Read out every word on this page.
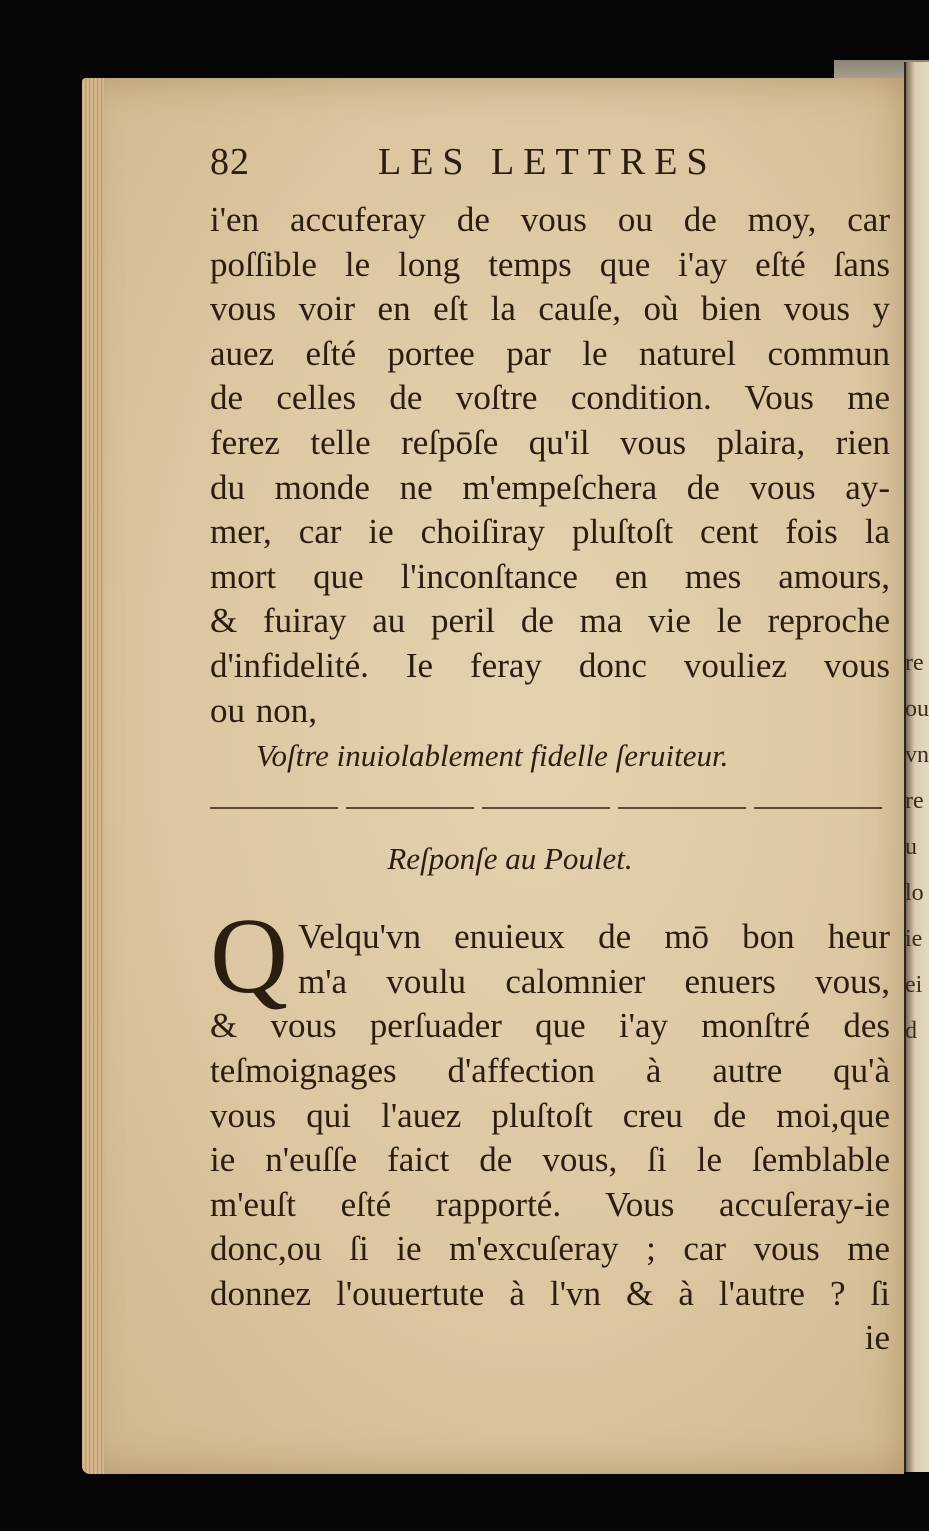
re
ou
vn
re
u
lo
ie
ei
d
82	LES LETTRES
i'en accuferay de vous ou de moy, car
poſſible le long temps que i'ay eſté ſans
vous voir en eſt la cauſe, où bien vous y
auez eſté portee par le naturel commun
de celles de voſtre condition. Vous me
ferez telle reſpōſe qu'il vous plaira, rien
du monde ne m'empeſchera de vous ay-
mer, car ie choiſiray pluſtoſt cent fois la
mort que l'inconſtance en mes amours,
& fuiray au peril de ma vie le reproche
d'infidelité. Ie feray donc vouliez vous
ou non,
Voſtre inuiolablement fidelle ſeruiteur.
Reſponſe au Poulet.
Q Velqu'vn enuieux de mō bon heur
m'a voulu calomnier enuers vous,
& vous perſuader que i'ay monſtré des
teſmoignages d'affection à autre qu'à
vous qui l'auez pluſtoſt creu de moi,que
ie n'euſſe faict de vous, ſi le ſemblable
m'euſt eſté rapporté. Vous accuſeray-ie
donc,ou ſi ie m'excuſeray ; car vous me
donnez l'ouuertute à l'vn & à l'autre ? ſi
ie
